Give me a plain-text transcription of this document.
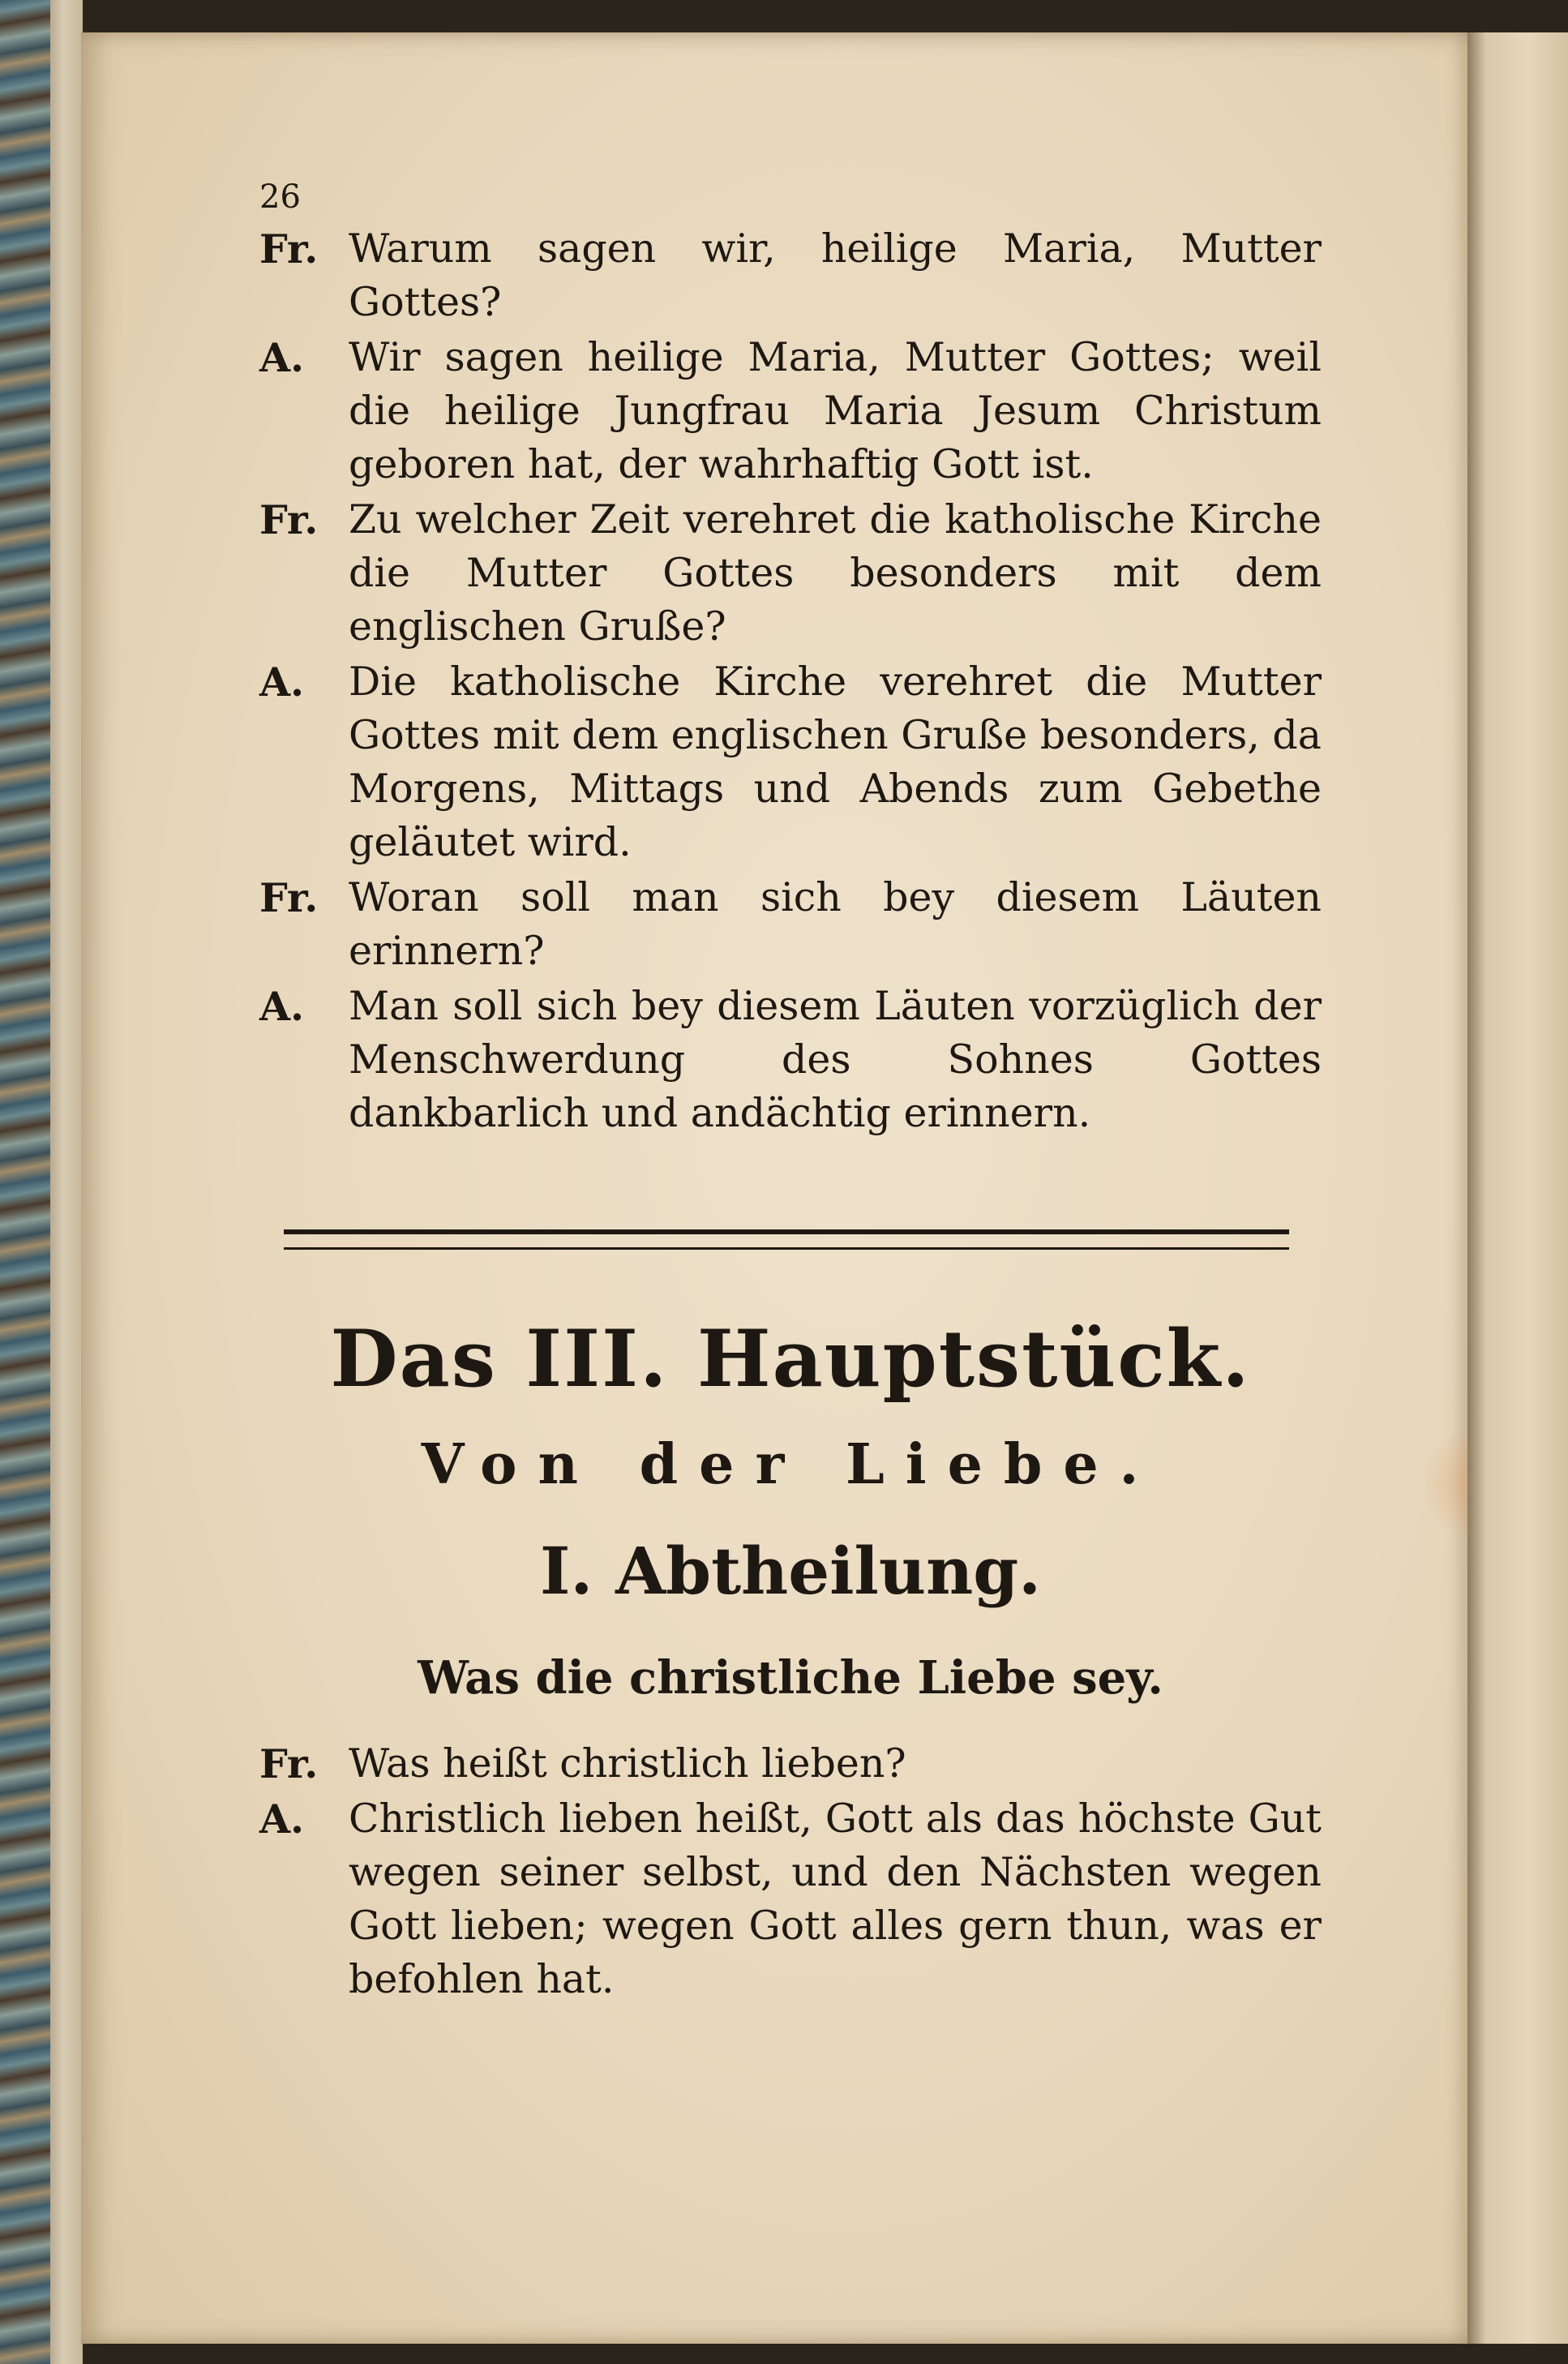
26
Fr. Warum sagen wir, heilige Maria, Mutter Gottes?
A. Wir sagen heilige Maria, Mutter Gottes; weil die heilige Jungfrau Maria Jesum Christum geboren hat, der wahrhaftig Gott ist.
Fr. Zu welcher Zeit verehret die katholische Kirche die Mutter Gottes besonders mit dem englischen Gruße?
A. Die katholische Kirche verehret die Mutter Gottes mit dem englischen Gruße besonders, da Morgens, Mittags und Abends zum Gebethe geläutet wird.
Fr. Woran soll man sich bey diesem Läuten erinnern?
A. Man soll sich bey diesem Läuten vorzüglich der Menschwerdung des Sohnes Gottes dankbarlich und andächtig erinnern.
Das III. Hauptstück.
Von der Liebe.
I. Abtheilung.
Was die christliche Liebe sey.
Fr. Was heißt christlich lieben?
A. Christlich lieben heißt, Gott als das höchste Gut wegen seiner selbst, und den Nächsten wegen Gott lieben; wegen Gott alles gern thun, was er befohlen hat.
